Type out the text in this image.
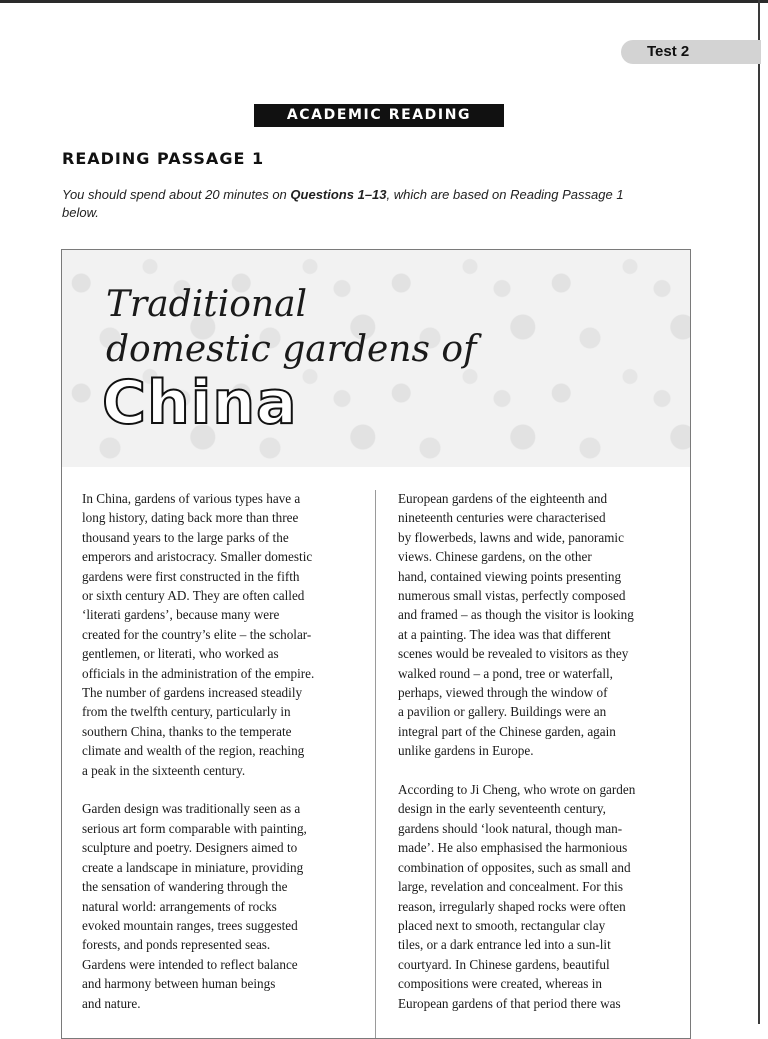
Test 2
ACADEMIC READING
READING PASSAGE 1
You should spend about 20 minutes on Questions 1–13, which are based on Reading Passage 1
below.
Traditional
domestic gardens of
China

In China, gardens of various types have a
long history, dating back more than three
thousand years to the large parks of the
emperors and aristocracy. Smaller domestic
gardens were first constructed in the fifth
or sixth century AD. They are often called
‘literati gardens’, because many were
created for the country’s elite – the scholar-
gentlemen, or literati, who worked as
officials in the administration of the empire.
The number of gardens increased steadily
from the twelfth century, particularly in
southern China, thanks to the temperate
climate and wealth of the region, reaching
a peak in the sixteenth century.

Garden design was traditionally seen as a
serious art form comparable with painting,
sculpture and poetry. Designers aimed to
create a landscape in miniature, providing
the sensation of wandering through the
natural world: arrangements of rocks
evoked mountain ranges, trees suggested
forests, and ponds represented seas.
Gardens were intended to reflect balance
and harmony between human beings
and nature.

European gardens of the eighteenth and
nineteenth centuries were characterised
by flowerbeds, lawns and wide, panoramic
views. Chinese gardens, on the other
hand, contained viewing points presenting
numerous small vistas, perfectly composed
and framed – as though the visitor is looking
at a painting. The idea was that different
scenes would be revealed to visitors as they
walked round – a pond, tree or waterfall,
perhaps, viewed through the window of
a pavilion or gallery. Buildings were an
integral part of the Chinese garden, again
unlike gardens in Europe.

According to Ji Cheng, who wrote on garden
design in the early seventeenth century,
gardens should ‘look natural, though man-
made’. He also emphasised the harmonious
combination of opposites, such as small and
large, revelation and concealment. For this
reason, irregularly shaped rocks were often
placed next to smooth, rectangular clay
tiles, or a dark entrance led into a sun-lit
courtyard. In Chinese gardens, beautiful
compositions were created, whereas in
European gardens of that period there was
